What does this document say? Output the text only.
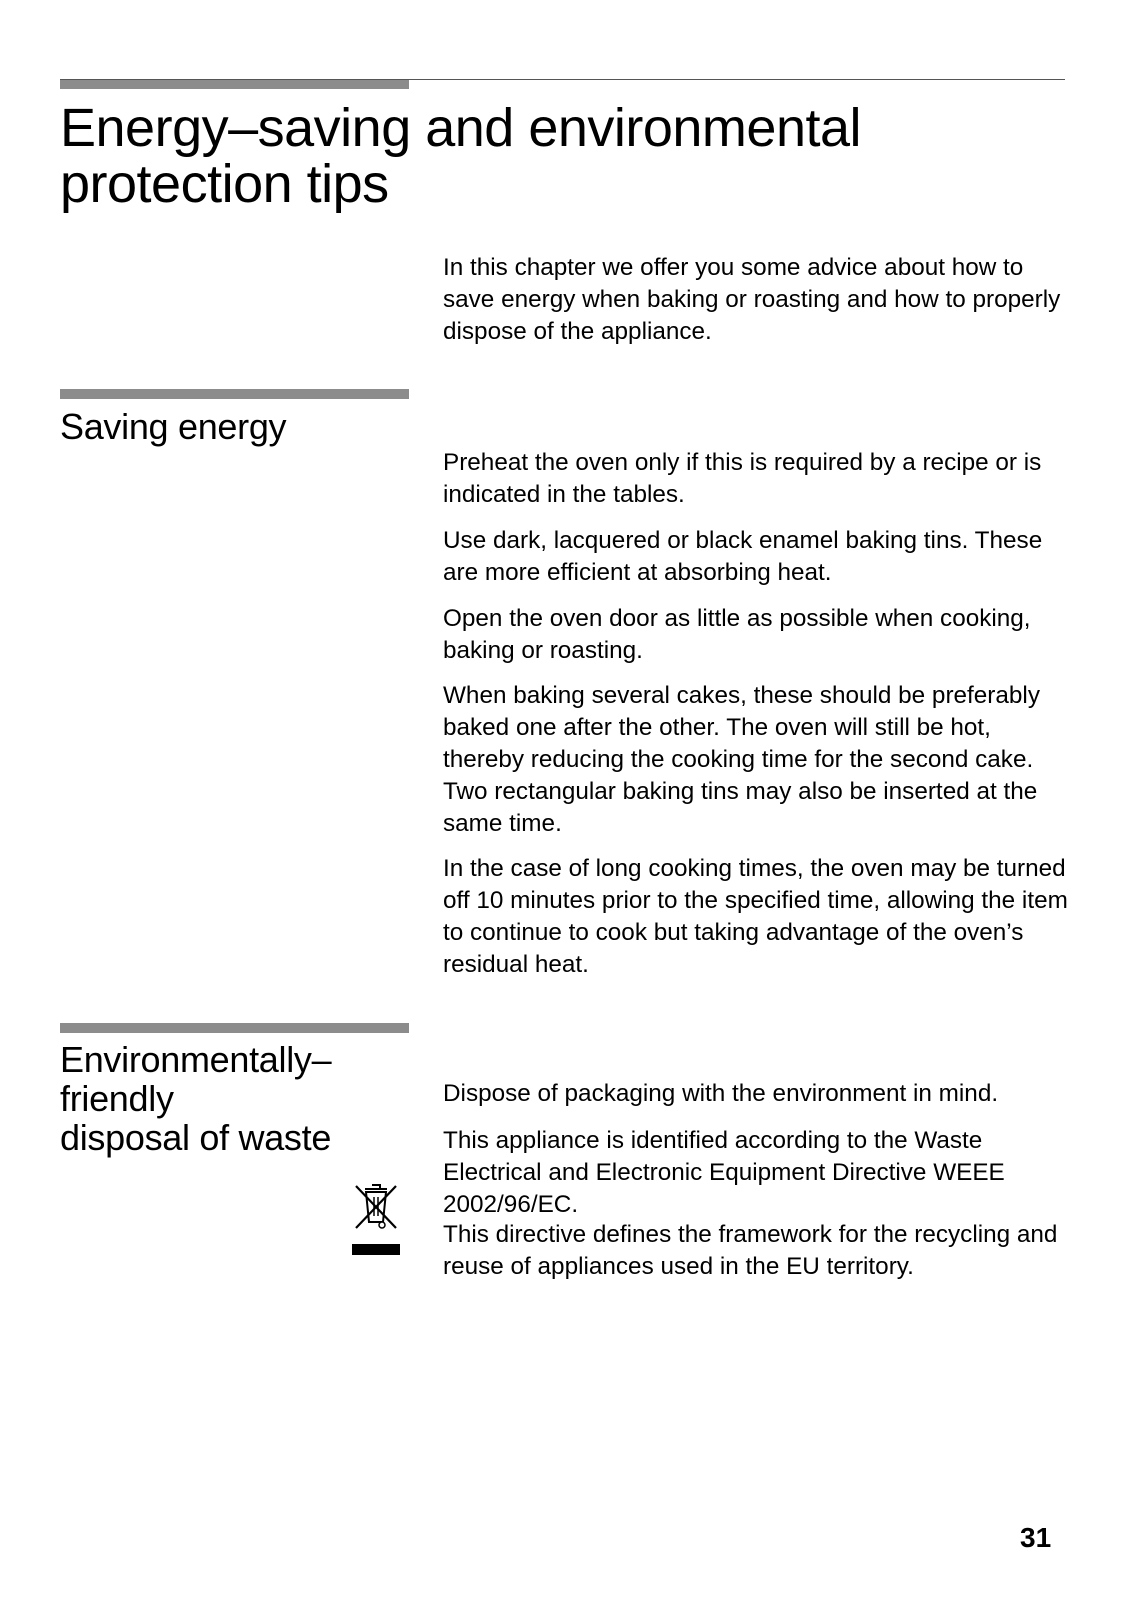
Energy–saving and environmental protection tips

In this chapter we offer you some advice about how to save energy when baking or roasting and how to properly dispose of the appliance.

Saving energy

Preheat the oven only if this is required by a recipe or is indicated in the tables.

Use dark, lacquered or black enamel baking tins. These are more efficient at absorbing heat.

Open the oven door as little as possible when cooking, baking or roasting.

When baking several cakes, these should be preferably baked one after the other. The oven will still be hot, thereby reducing the cooking time for the second cake. Two rectangular baking tins may also be inserted at the same time.

In the case of long cooking times, the oven may be turned off 10 minutes prior to the specified time, allowing the item to continue to cook but taking advantage of the oven’s residual heat.

Environmentally–
friendly
disposal of waste

Dispose of packaging with the environment in mind.

This appliance is identified according to the Waste Electrical and Electronic Equipment Directive WEEE 2002/96/EC.

This directive defines the framework for the recycling and reuse of appliances used in the EU territory.

31
